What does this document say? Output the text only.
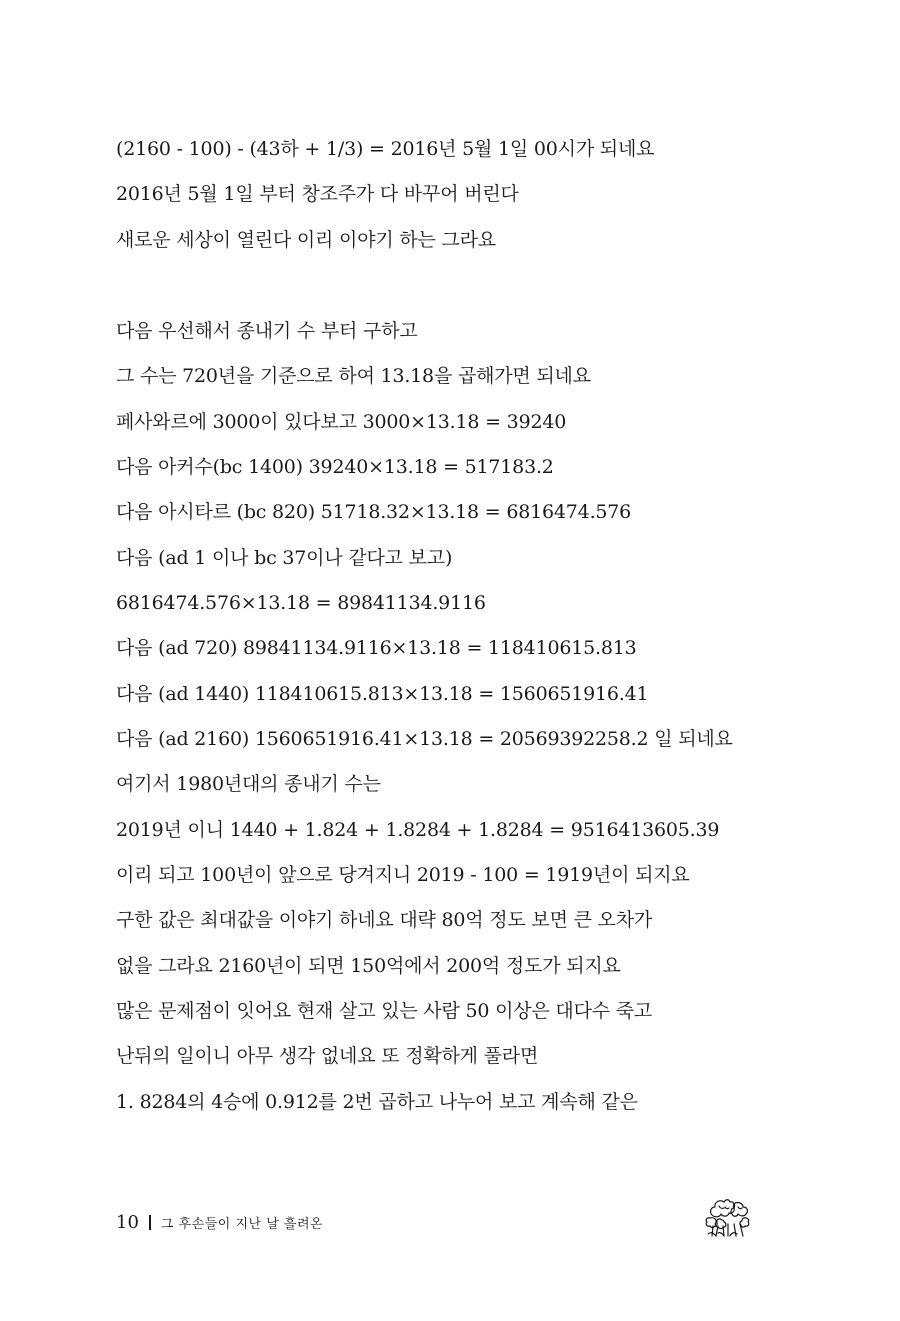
(2160 - 100) - (43하 + 1/3) = 2016년 5월 1일 00시가 되네요

2016년 5월 1일 부터 창조주가 다 바꾸어 버린다

새로운 세상이 열린다 이리 이야기 하는 그라요

다음 우선해서 종내기 수 부터 구하고

그 수는 720년을 기준으로 하여 13.18을 곱해가면 되네요

페사와르에 3000이 있다보고 3000×13.18 = 39240

다음 아커수(bc 1400) 39240×13.18 = 517183.2

다음 아시타르 (bc 820) 51718.32×13.18 = 6816474.576

다음 (ad 1 이나 bc 37이나 같다고 보고)

6816474.576×13.18 = 89841134.9116

다음 (ad 720) 89841134.9116×13.18 = 118410615.813

다음 (ad 1440) 118410615.813×13.18 = 1560651916.41

다음 (ad 2160) 1560651916.41×13.18 = 20569392258.2 일 되네요

여기서 1980년대의 종내기 수는

2019년 이니 1440 + 1.824 + 1.8284 + 1.8284 = 9516413605.39

이리 되고 100년이 앞으로 당겨지니 2019 - 100 = 1919년이 되지요

구한 값은 최대값을 이야기 하네요 대략 80억 정도 보면 큰 오차가

없을 그라요 2160년이 되면 150억에서 200억 정도가 되지요

많은 문제점이 잇어요 현재 살고 있는 사람 50 이상은 대다수 죽고

난뒤의 일이니 아무 생각 없네요 또 정확하게 풀라면

1. 8284의 4승에 0.912를 2번 곱하고 나누어 보고 계속해 같은

10 그 후손들이 지난 날 흘려온
